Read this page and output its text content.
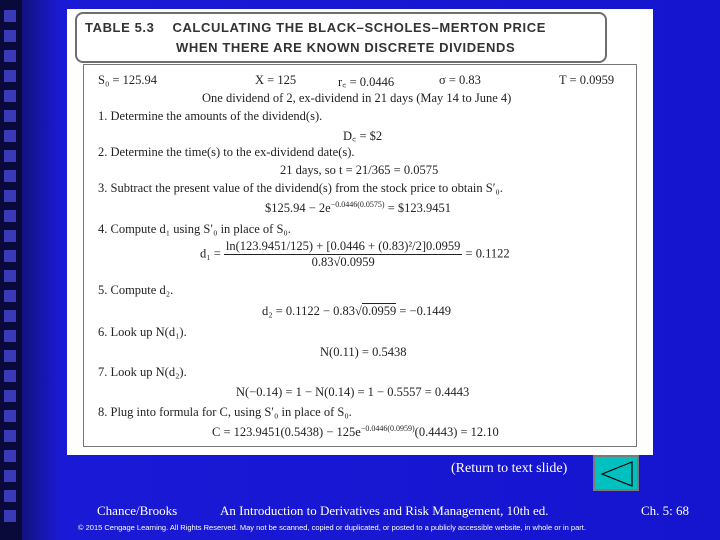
TABLE 5.3 CALCULATING THE BLACK–SCHOLES–MERTON PRICE
WHEN THERE ARE KNOWN DISCRETE DIVIDENDS
S₀ = 125.94	X = 125	r꜀ = 0.0446	σ = 0.83	T = 0.0959
One dividend of 2, ex-dividend in 21 days (May 14 to June 4)
1. Determine the amounts of the dividend(s).
D꜀ = $2
2. Determine the time(s) to the ex-dividend date(s).
21 days, so t = 21/365 = 0.0575
3. Subtract the present value of the dividend(s) from the stock price to obtain S′₀.
$125.94 − $2e^{-0.0446(0.0575)}$ = $123.9451
4. Compute d₁ using S′₀ in place of S₀.
$d_1 = \frac{\text{ln(123.9451/125) + [0.0446 + (0.83)²/2]0.0959}}{0.83√0.0959} = 0.1122$
5. Compute d₂.
d₂ = 0.1122 − 0.83√0.0959 = −0.1449
6. Look up N(d₁).
N(0.11) = 0.5438
7. Look up N(d₂).
N(−0.14) = 1 − N(0.14) = 1 − 0.5557 = 0.4443
8. Plug into formula for C, using S′₀ in place of S₀.
$C = 123.9451(0.5438) - 125e^{-0.0446(0.0959)}(0.4443) = 12.10$
(Return to text slide)
Chance/Brooks	An Introduction to Derivatives and Risk Management, 10th ed.	Ch. 5: 68
© 2015 Cengage Learning. All Rights Reserved. May not be scanned, copied or duplicated, or posted to a publicly accessible website, in whole or in part.
